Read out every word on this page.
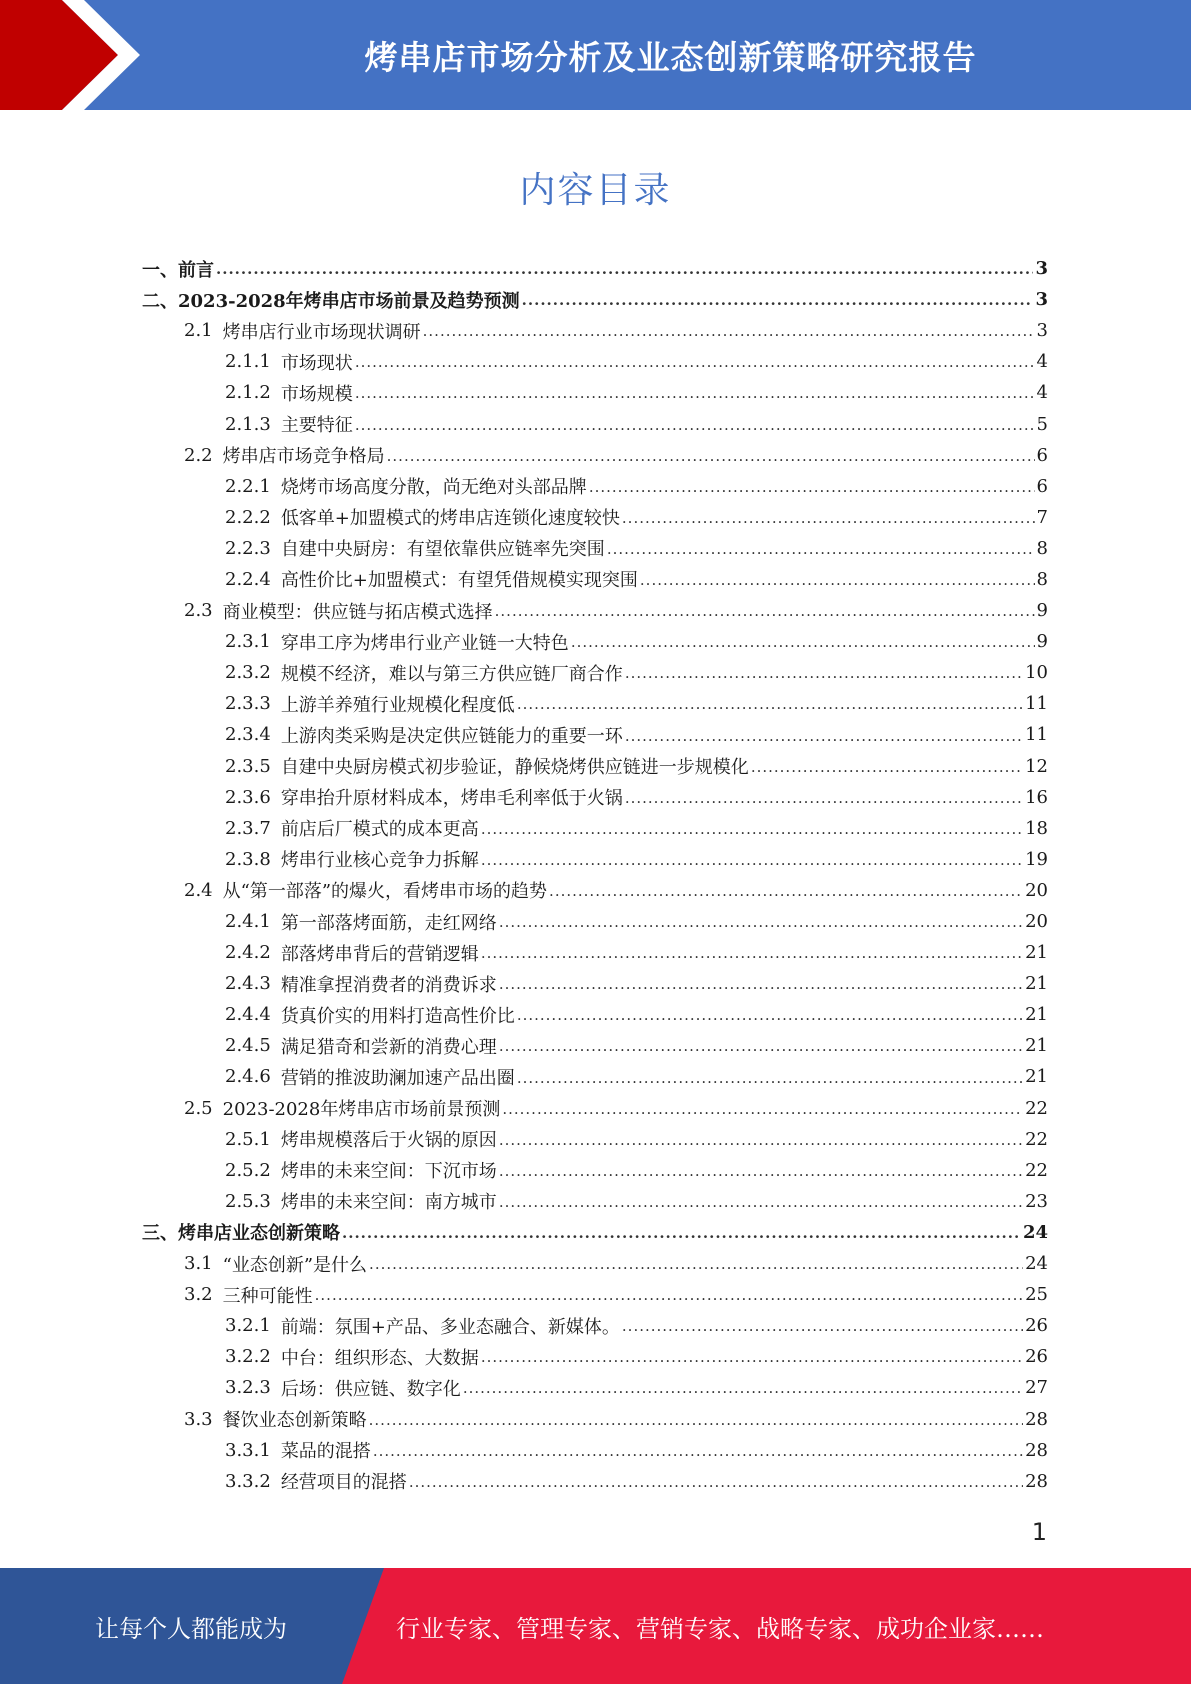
烤串店市场分析及业态创新策略研究报告
内容目录
一、 前言 .....	3
二、 2023-2028年烤串店市场前景及趋势预测 .....	3
2.1 烤串店行业市场现状调研 .....	3
2.1.1 市场现状 .....	4
2.1.2 市场规模 .....	4
2.1.3 主要特征 .....	5
2.2 烤串店市场竞争格局 .....	6
2.2.1 烧烤市场高度分散，尚无绝对头部品牌 .....	6
2.2.2 低客单+加盟模式的烤串店连锁化速度较快 .....	7
2.2.3 自建中央厨房：有望依靠供应链率先突围 .....	8
2.2.4 高性价比+加盟模式：有望凭借规模实现突围 .....	8
2.3 商业模型：供应链与拓店模式选择 .....	9
2.3.1 穿串工序为烤串行业产业链一大特色 .....	9
2.3.2 规模不经济，难以与第三方供应链厂商合作 .....	10
2.3.3 上游羊养殖行业规模化程度低 .....	11
2.3.4 上游肉类采购是决定供应链能力的重要一环 .....	11
2.3.5 自建中央厨房模式初步验证，静候烧烤供应链进一步规模化 .....	12
2.3.6 穿串抬升原材料成本，烤串毛利率低于火锅 .....	16
2.3.7 前店后厂模式的成本更高 .....	18
2.3.8 烤串行业核心竞争力拆解 .....	19
2.4 从“第一部落”的爆火，看烤串市场的趋势 .....	20
2.4.1 第一部落烤面筋，走红网络 .....	20
2.4.2 部落烤串背后的营销逻辑 .....	21
2.4.3 精准拿捏消费者的消费诉求 .....	21
2.4.4 货真价实的用料打造高性价比 .....	21
2.4.5 满足猎奇和尝新的消费心理 .....	21
2.4.6 营销的推波助澜加速产品出圈 .....	21
2.5 2023-2028年烤串店市场前景预测 .....	22
2.5.1 烤串规模落后于火锅的原因 .....	22
2.5.2 烤串的未来空间：下沉市场 .....	22
2.5.3 烤串的未来空间：南方城市 .....	23
三、 烤串店业态创新策略 .....	24
3.1 “业态创新”是什么 .....	24
3.2 三种可能性 .....	25
3.2.1 前端：氛围+产品、多业态融合、新媒体。 .....	26
3.2.2 中台：组织形态、大数据 .....	26
3.2.3 后场：供应链、数字化 .....	27
3.3 餐饮业态创新策略 .....	28
3.3.1 菜品的混搭 .....	28
3.3.2 经营项目的混搭 .....	28
1
让每个人都能成为	行业专家、管理专家、营销专家、战略专家、成功企业家……
